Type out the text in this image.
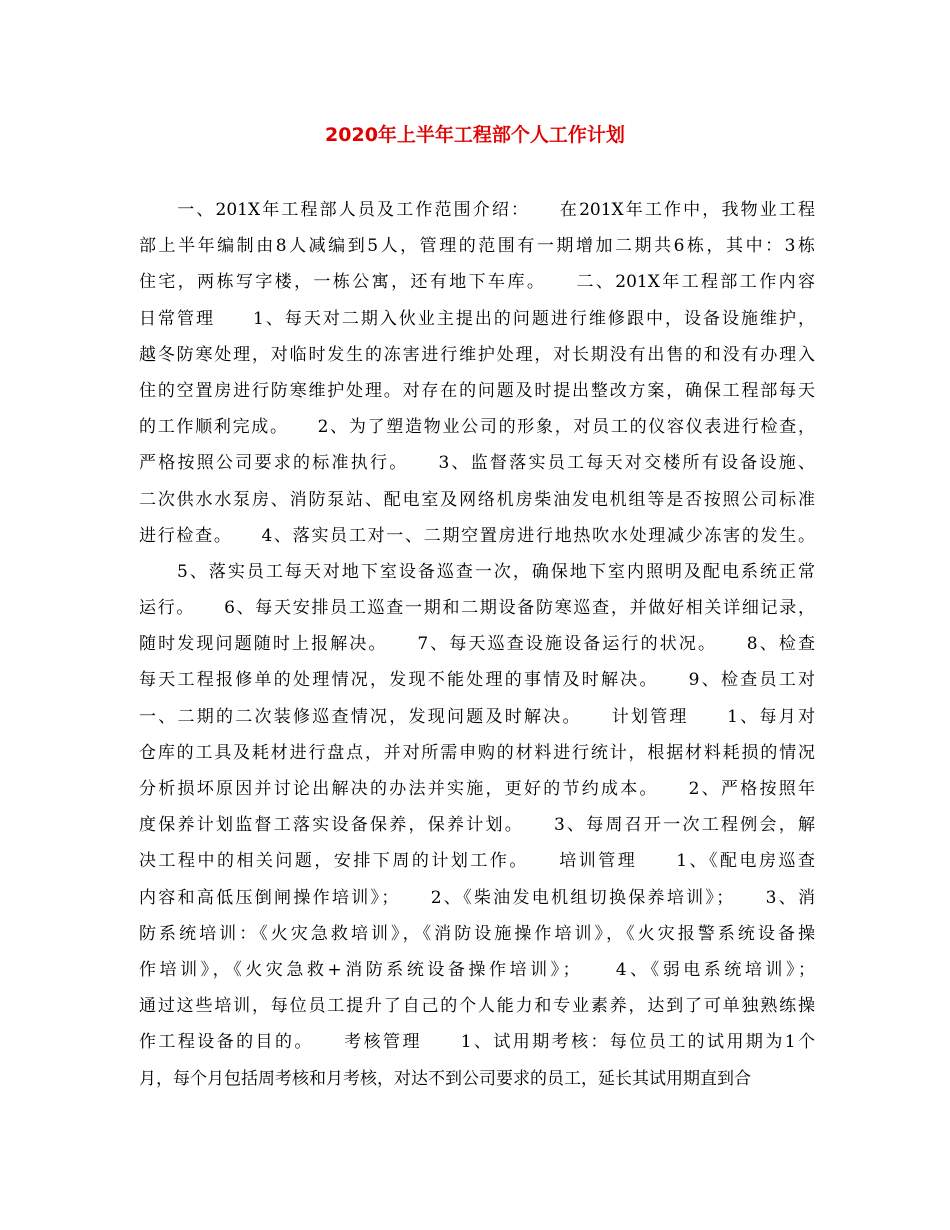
2020年上半年工程部个人工作计划
　　一、201X年工程部人员及工作范围介绍：　　在201X年工作中，我物业工程
部上半年编制由8人减编到5人，管理的范围有一期增加二期共6栋，其中：3栋
住宅，两栋写字楼，一栋公寓，还有地下车库。　　二、201X年工程部工作内容
日常管理　　1、每天对二期入伙业主提出的问题进行维修跟中，设备设施维护，
越冬防寒处理，对临时发生的冻害进行维护处理，对长期没有出售的和没有办理入
住的空置房进行防寒维护处理。对存在的问题及时提出整改方案，确保工程部每天
的工作顺利完成。　　2、为了塑造物业公司的形象，对员工的仪容仪表进行检查，
严格按照公司要求的标准执行。　　3、监督落实员工每天对交楼所有设备设施、
二次供水水泵房、消防泵站、配电室及网络机房柴油发电机组等是否按照公司标准
进行检查。　　4、落实员工对一、二期空置房进行地热吹水处理减少冻害的发生。
　　5、落实员工每天对地下室设备巡查一次，确保地下室内照明及配电系统正常
运行。　　6、每天安排员工巡查一期和二期设备防寒巡查，并做好相关详细记录，
随时发现问题随时上报解决。　　7、每天巡查设施设备运行的状况。　　8、检查
每天工程报修单的处理情况，发现不能处理的事情及时解决。　　9、检查员工对
一、二期的二次装修巡查情况，发现问题及时解决。　　计划管理　　1、每月对
仓库的工具及耗材进行盘点，并对所需申购的材料进行统计，根据材料耗损的情况
分析损坏原因并讨论出解决的办法并实施，更好的节约成本。　　2、严格按照年
度保养计划监督工落实设备保养，保养计划。　　3、每周召开一次工程例会，解
决工程中的相关问题，安排下周的计划工作。　　培训管理　　1、《配电房巡查
内容和高低压倒闸操作培训》；　　2、《柴油发电机组切换保养培训》；　　3、消
防系统培训：《火灾急救培训》，《消防设施操作培训》，《火灾报警系统设备操
作培训》，《火灾急救+消防系统设备操作培训》；　　4、《弱电系统培训》；
通过这些培训，每位员工提升了自己的个人能力和专业素养，达到了可单独熟练操
作工程设备的目的。　　考核管理　　1、试用期考核：每位员工的试用期为1个
月，每个月包括周考核和月考核，对达不到公司要求的员工，延长其试用期直到合
